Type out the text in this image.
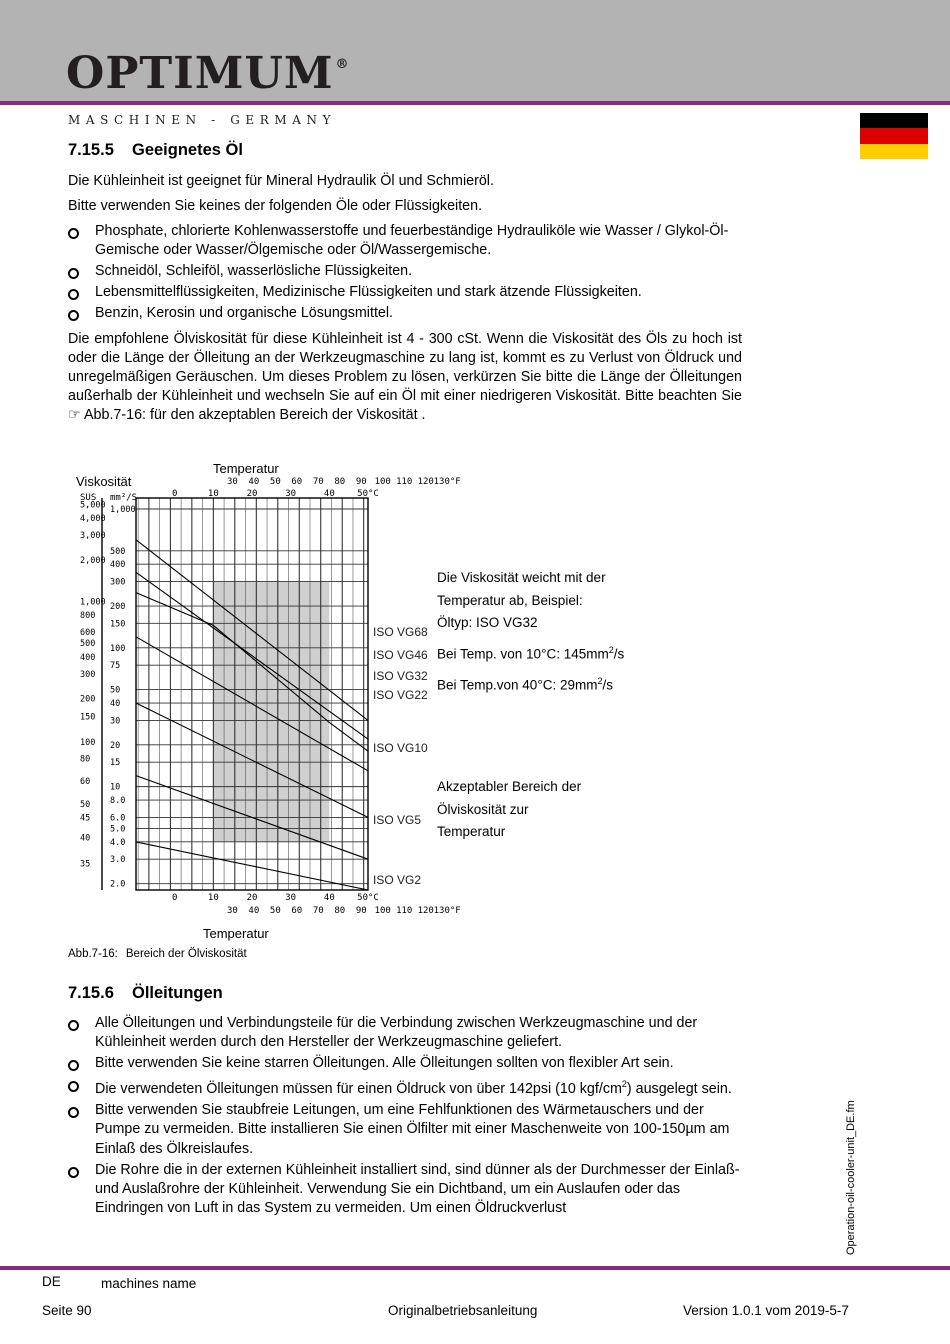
OPTIMUM ®
MASCHINEN - GERMANY
7.15.5 Geeignetes Öl

Die Kühleinheit ist geeignet für Mineral Hydraulik Öl und Schmieröl.

Bitte verwenden Sie keines der folgenden Öle oder Flüssigkeiten.

Phosphate, chlorierte Kohlenwasserstoffe und feuerbeständige Hydrauliköle wie Wasser / Glykol-Öl-Gemische oder Wasser/Ölgemische oder Öl/Wassergemische.
Schneidöl, Schleiföl, wasserlösliche Flüssigkeiten.
Lebensmittelflüssigkeiten, Medizinische Flüssigkeiten und stark ätzende Flüssigkeiten.
Benzin, Kerosin und organische Lösungsmittel.

Die empfohlene Ölviskosität für diese Kühleinheit ist 4 - 300 cSt. Wenn die Viskosität des Öls zu hoch ist oder die Länge der Ölleitung an der Werkzeugmaschine zu lang ist, kommt es zu Verlust von Öldruck und unregelmäßigen Geräuschen. Um dieses Problem zu lösen, verkürzen Sie bitte die Länge der Ölleitungen außerhalb der Kühleinheit und wechseln Sie auf ein Öl mit einer niedrigeren Viskosität. Bitte beachten Sie ☞ Abb.7-16: für den akzeptablen Bereich der Viskosität .

30 40 50 60 70 80 90 100 110 120 130°F
0	10	20	30	40 50°C
0	10	20	30	40 50°C
30 40 50 60 70 80 90 100 110 120 130°F
1,000
500
400
300
200
150
100
75
50
40
30
20
15
10
8.0
6.0
5.0
4.0
3.0
2.0
5,000
4,000
3,000
2,000
1,000
800
600
500
400
300
200
150
100
80
60
50
45
40
35
SUS mm²/S
Temperatur
Viskosität
Temperatur
ISO VG68
ISO VG46
ISO VG32
ISO VG22
ISO VG10
ISO VG5
ISO VG2
Die Viskosität weicht mit der
Temperatur ab, Beispiel:
Öltyp: ISO VG32
Bei Temp. von 10°C: $145mm^2/s$
Bei Temp.von 40°C: $29mm^2/s$
Akzeptabler Bereich der
Ölviskosität zur
Temperatur
Abb.7-16: Bereich der Ölviskosität
7.15.6 Ölleitungen
Alle Ölleitungen und Verbindungsteile für die Verbindung zwischen Werkzeugmaschine und der Kühleinheit werden durch den Hersteller der Werkzeugmaschine geliefert.
Bitte verwenden Sie keine starren Ölleitungen. Alle Ölleitungen sollten von flexibler Art sein.
Die verwendeten Ölleitungen müssen für einen Öldruck von über 142psi (10 kgf/$cm^2$) ausgelegt sein.
Bitte verwenden Sie staubfreie Leitungen, um eine Fehlfunktionen des Wärmetauschers und der Pumpe zu vermeiden. Bitte installieren Sie einen Ölfilter mit einer Maschenweite von 100-150µm am Einlaß des Ölkreislaufes.
Die Rohre die in der externen Kühleinheit installiert sind, sind dünner als der Durchmesser der Einlaß-und Auslaßrohre der Kühleinheit. Verwendung Sie ein Dichtband, um ein Auslaufen oder das Eindringen von Luft in das System zu vermeiden. Um einen Öldruckverlust	Operation-oil-cooler-unit_DE.fm
DE	machines name
Seite 90	Originalbetriebsanleitung	Version 1.0.1 vom 2019-5-7
